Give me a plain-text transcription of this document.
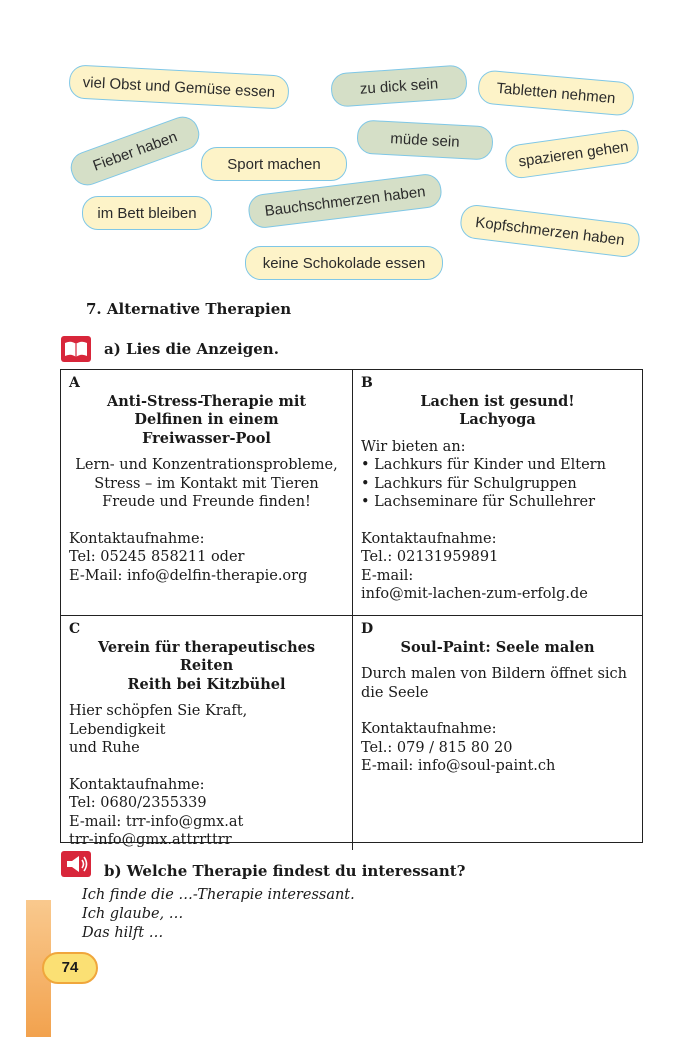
viel Obst und Gemüse essen	zu dick sein	Tabletten nehmen
Fieber haben	müde sein
Sport machen	spazieren gehen
im Bett bleiben	Bauchschmerzen haben
Kopfschmerzen haben
keine Schokolade essen
7. Alternative Therapien
a) Lies die Anzeigen.
A
Anti-Stress-Therapie mit
Delfinen in einem
Freiwasser-Pool
Lern- und Konzentrationsprobleme,
Stress – im Kontakt mit Tieren
Freude und Freunde finden!
Kontaktaufnahme:
Tel: 05245 858211 oder
E-Mail: info@delfin-therapie.org
B
Lachen ist gesund!
Lachyoga
Wir bieten an:
• Lachkurs für Kinder und Eltern
• Lachkurs für Schulgruppen
• Lachseminare für Schullehrer
Kontaktaufnahme:
Tel.: 02131959891
E-mail:
info@mit-lachen-zum-erfolg.de
C
Verein für therapeutisches
Reiten
Reith bei Kitzbühel
Hier schöpfen Sie Kraft, Lebendigkeit
und Ruhe
Kontaktaufnahme:
Tel: 0680/2355339
E-mail: trr-info@gmx.at
trr-info@gmx.attrrttrr
D
Soul-Paint: Seele malen
Durch malen von Bildern öffnet sich
die Seele
Kontaktaufnahme:
Tel.: 079 / 815 80 20
E-mail: info@soul-paint.ch
b) Welche Therapie findest du interessant?
Ich finde die …-Therapie interessant.
Ich glaube, …
Das hilft …
74
